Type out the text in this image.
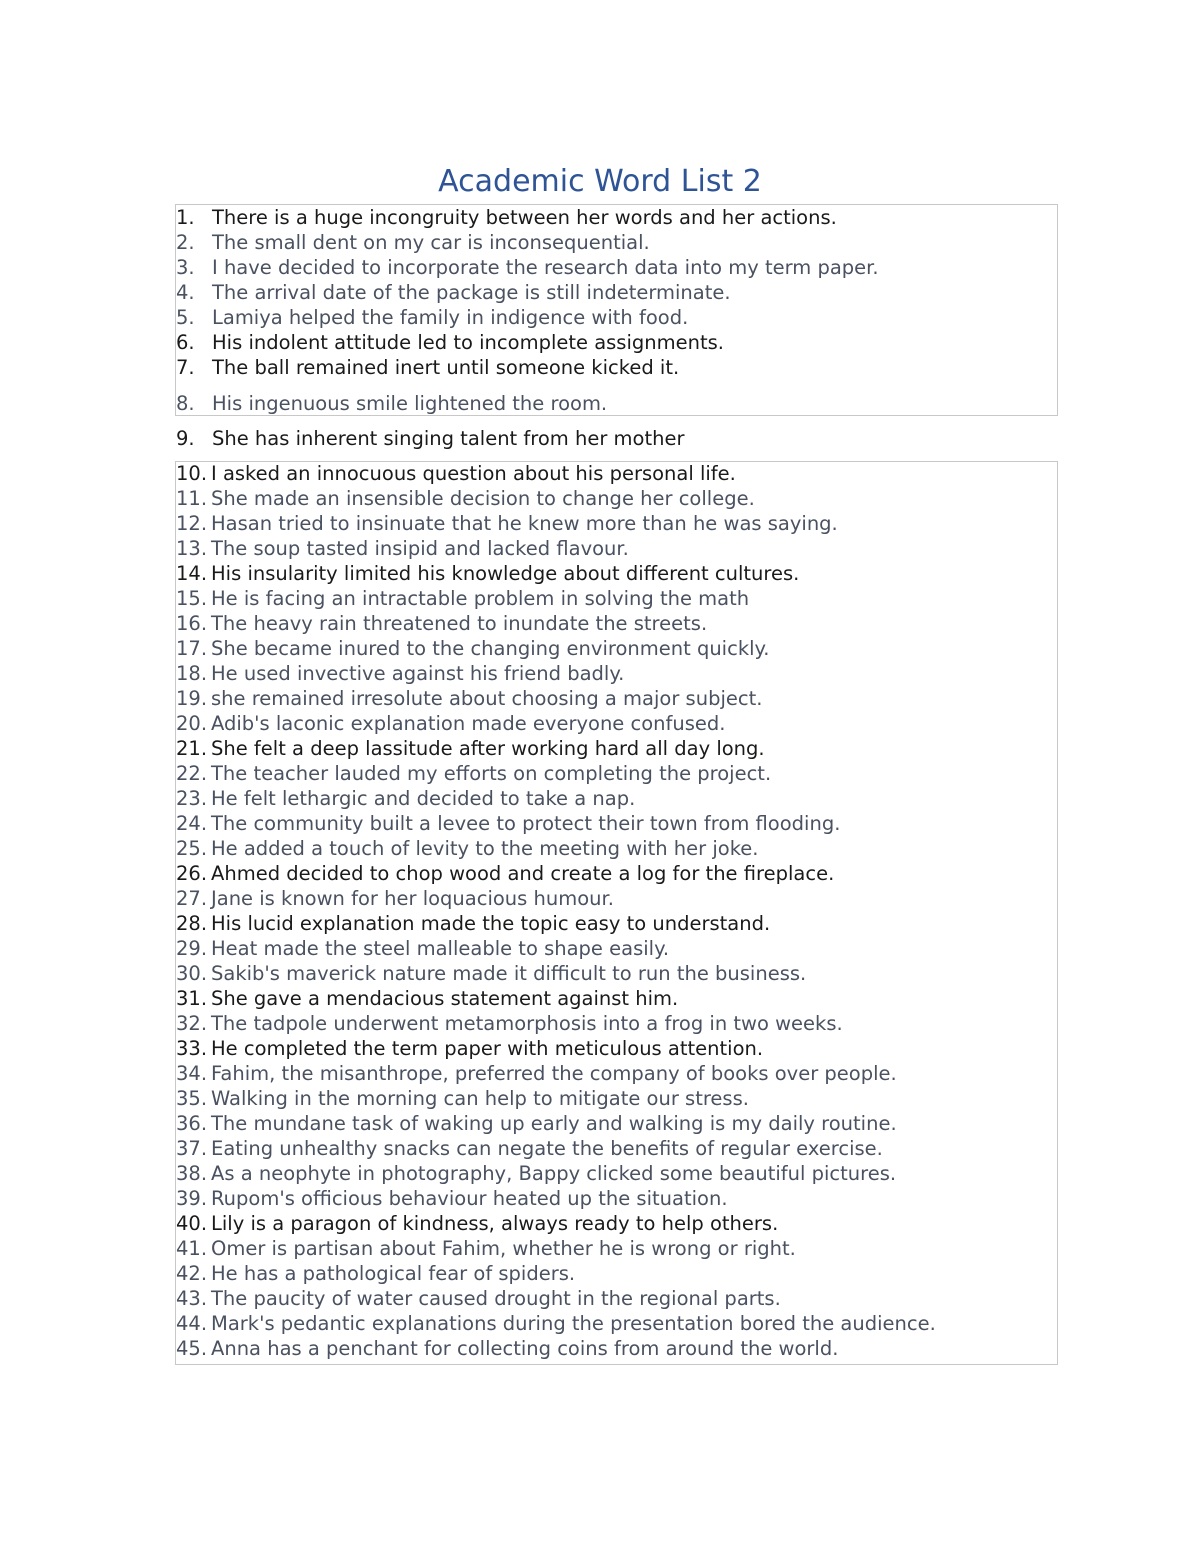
Academic Word List 2
1. There is a huge incongruity between her words and her actions.
2. The small dent on my car is inconsequential.
3. I have decided to incorporate the research data into my term paper.
4. The arrival date of the package is still indeterminate.
5. Lamiya helped the family in indigence with food.
6. His indolent attitude led to incomplete assignments.
7. The ball remained inert until someone kicked it.
8. His ingenuous smile lightened the room.
9. She has inherent singing talent from her mother
10. I asked an innocuous question about his personal life.
11. She made an insensible decision to change her college.
12. Hasan tried to insinuate that he knew more than he was saying.
13. The soup tasted insipid and lacked flavour.
14. His insularity limited his knowledge about different cultures.
15. He is facing an intractable problem in solving the math
16. The heavy rain threatened to inundate the streets.
17. She became inured to the changing environment quickly.
18. He used invective against his friend badly.
19. she remained irresolute about choosing a major subject.
20. Adib's laconic explanation made everyone confused.
21. She felt a deep lassitude after working hard all day long.
22. The teacher lauded my efforts on completing the project.
23. He felt lethargic and decided to take a nap.
24. The community built a levee to protect their town from flooding.
25. He added a touch of levity to the meeting with her joke.
26. Ahmed decided to chop wood and create a log for the fireplace.
27. Jane is known for her loquacious humour.
28. His lucid explanation made the topic easy to understand.
29. Heat made the steel malleable to shape easily.
30. Sakib's maverick nature made it difficult to run the business.
31. She gave a mendacious statement against him.
32. The tadpole underwent metamorphosis into a frog in two weeks.
33. He completed the term paper with meticulous attention.
34. Fahim, the misanthrope, preferred the company of books over people.
35. Walking in the morning can help to mitigate our stress.
36. The mundane task of waking up early and walking is my daily routine.
37. Eating unhealthy snacks can negate the benefits of regular exercise.
38. As a neophyte in photography, Bappy clicked some beautiful pictures.
39. Rupom's officious behaviour heated up the situation.
40. Lily is a paragon of kindness, always ready to help others.
41. Omer is partisan about Fahim, whether he is wrong or right.
42. He has a pathological fear of spiders.
43. The paucity of water caused drought in the regional parts.
44. Mark's pedantic explanations during the presentation bored the audience.
45. Anna has a penchant for collecting coins from around the world.
